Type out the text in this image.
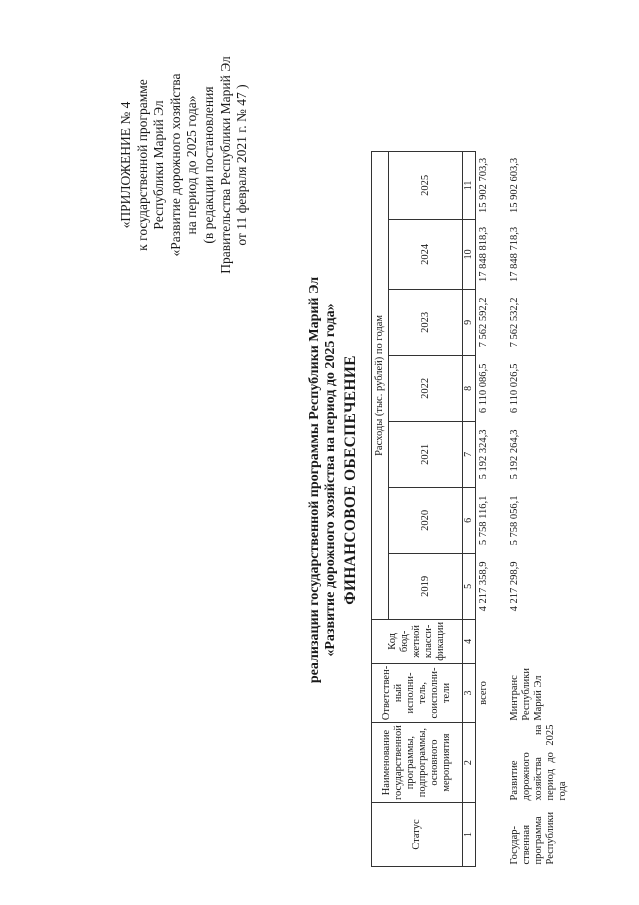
«ПРИЛОЖЕНИЕ № 4 к государственной программе Республики Марий Эл «Развитие дорожного хозяйства на период до 2025 года» (в редакции постановления Правительства Республики Марий Эл от 11 февраля 2021 г. № 47 )
ФИНАНСОВОЕ ОБЕСПЕЧЕНИЕ
реализации государственной программы Республики Марий Эл «Развитие дорожного хозяйства на период до 2025 года»
Статус	Наименование государственной программы, подпрограммы, основного мероприятия	Ответствен-ный исполни-тель, соисполни-тели	Код бюд-жетной класси-фикации	Расходы (тыс. рублей) по годам						
				2019	2020	2021	2022	2023	2024	2025
1	2	3	4	5	6	7	8	9	10	11
		всего		4 217 358,9	5 758 116,1	5 192 324,3	6 110 086,5	7 562 592,2	17 848 818,3	15 902 703,3
Государ-ственная программа Республики	Развитие дорожного хозяйства на период до 2025 года	Минтранс Республики Марий Эл		4 217 298,9	5 758 056,1	5 192 264,3	6 110 026,5	7 562 532,2	17 848 718,3	15 902 603,3
